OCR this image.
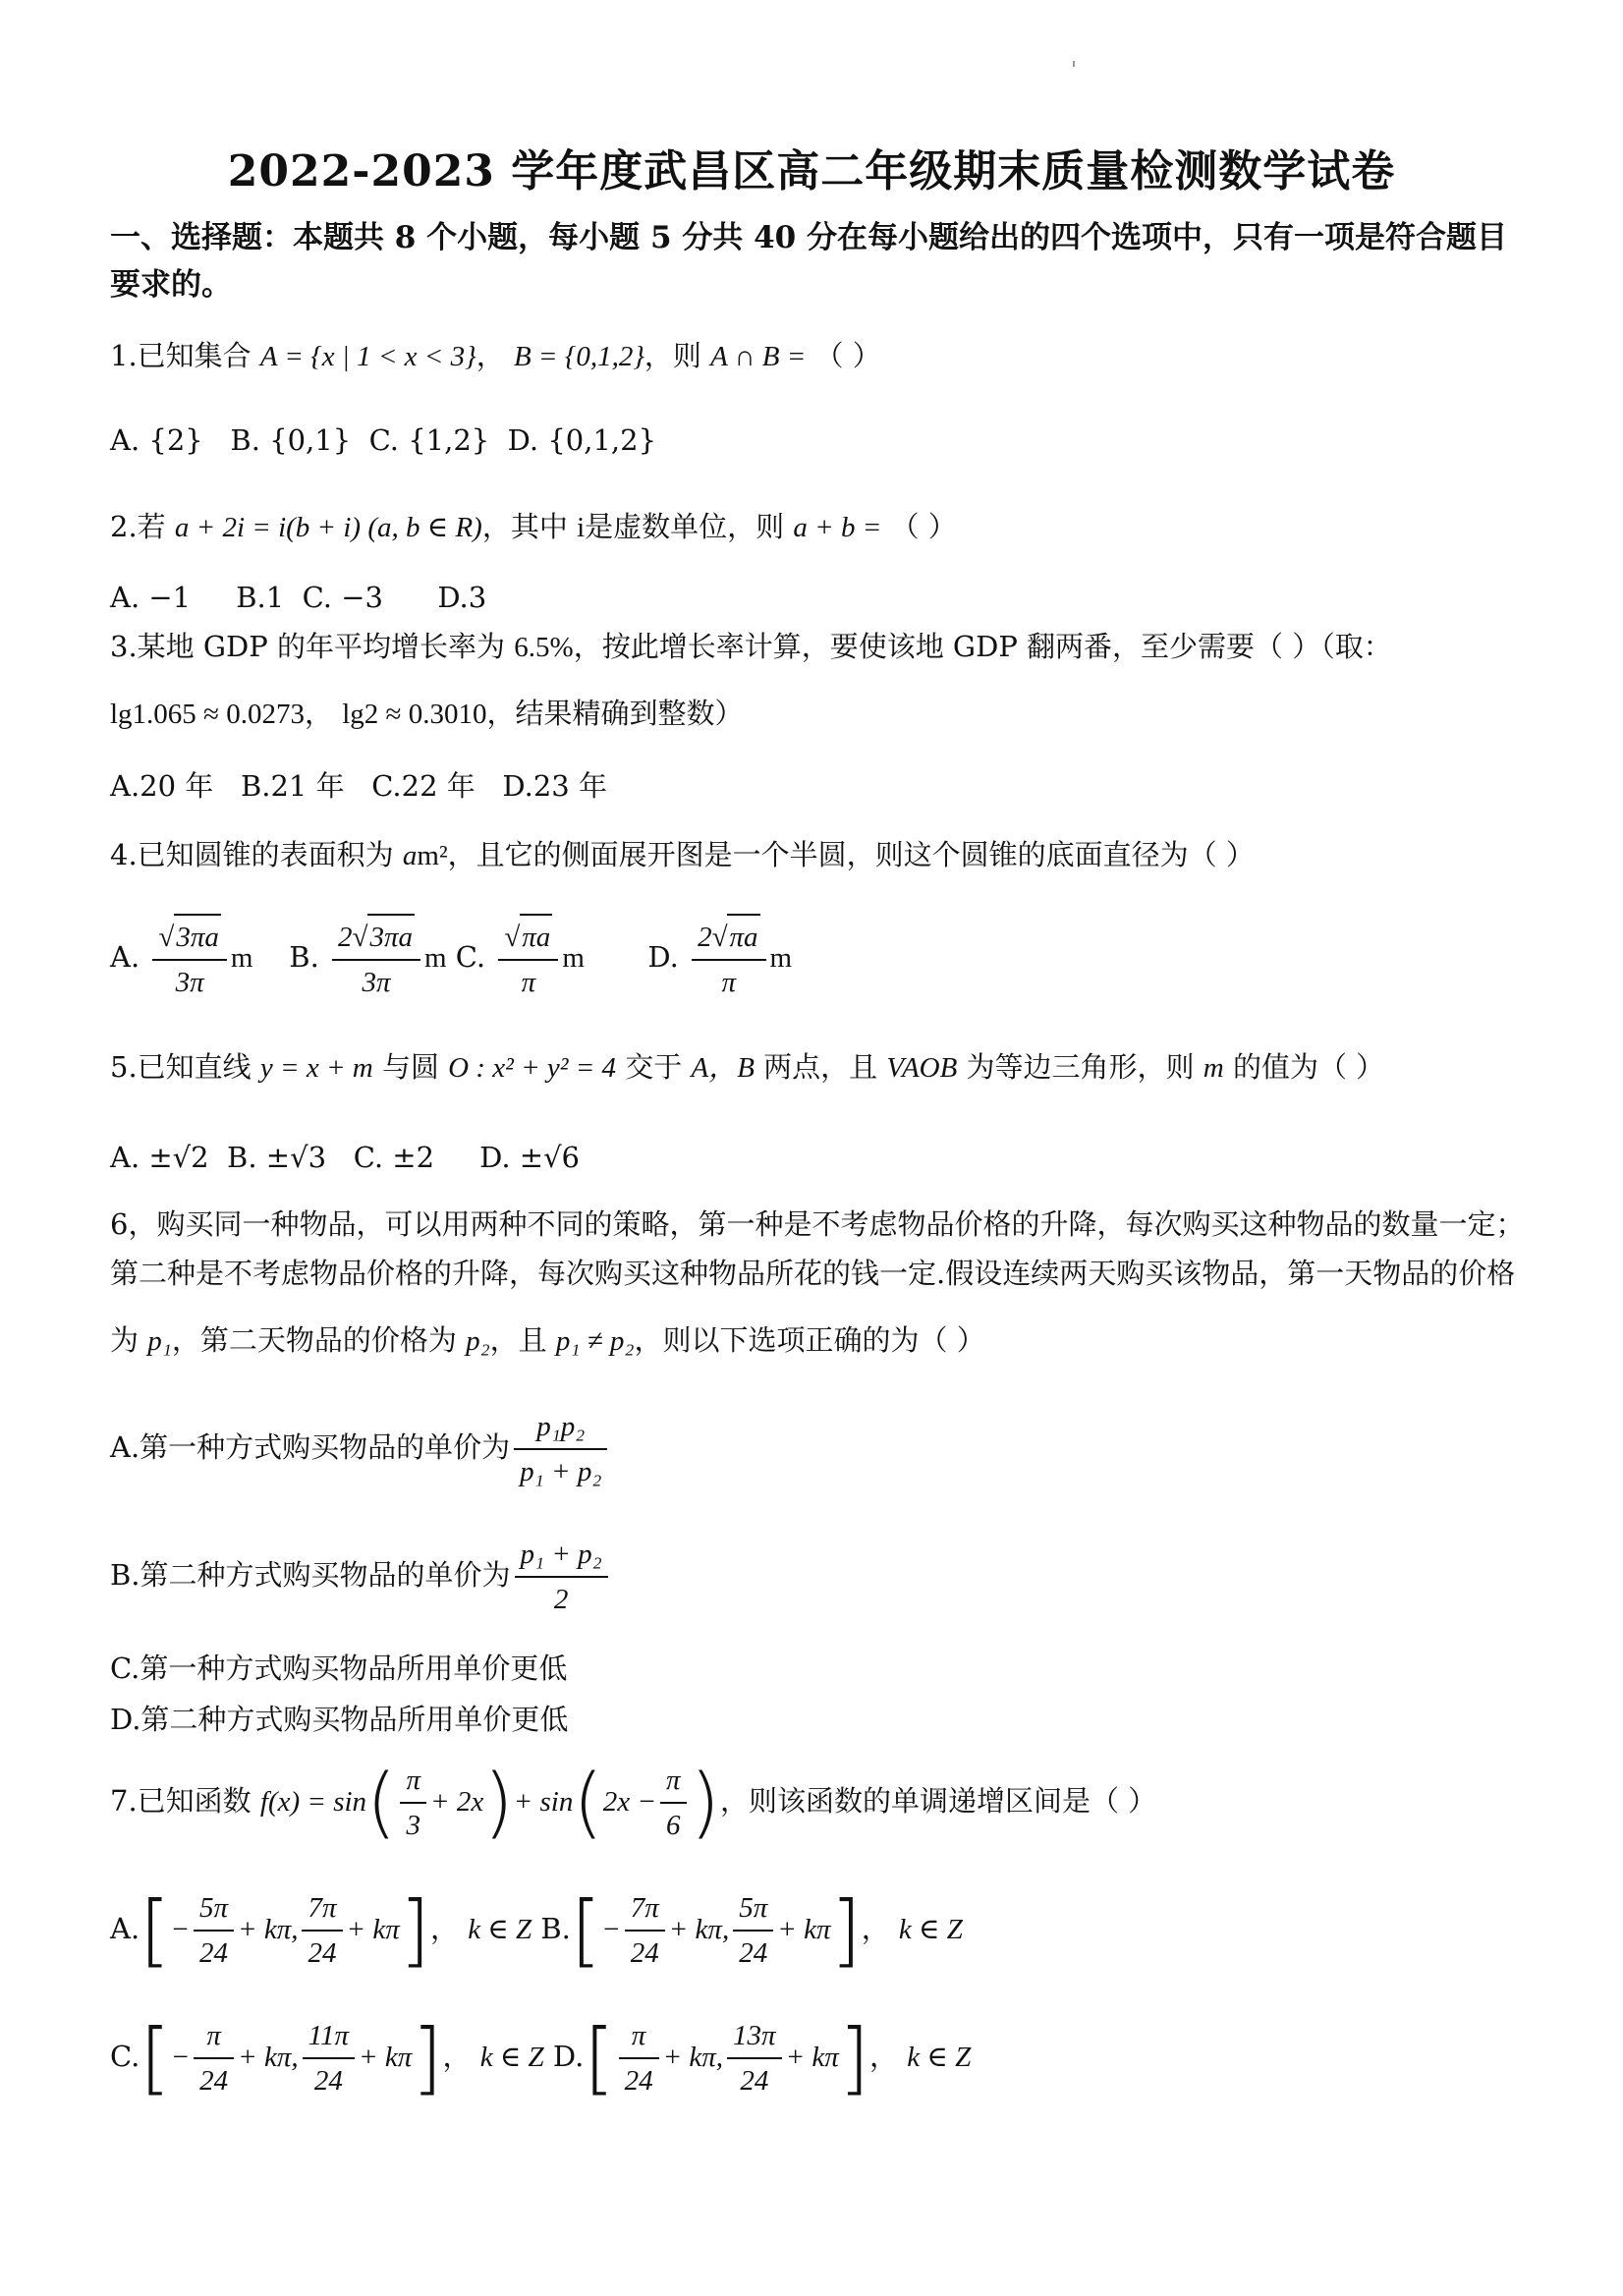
2022-2023 学年度武昌区高二年级期末质量检测数学试卷
一、选择题：本题共 8 个小题，每小题 5 分共 40 分在每小题给出的四个选项中，只有一项是符合题目要求的。
1.已知集合 A = {x | 1 < x < 3}， B = {0,1,2}，则 A ∩ B = （ ）
A. {2} B. {0,1} C. {1,2} D. {0,1,2}
2.若 a + 2i = i(b + i) (a, b ∈ R)，其中 i是虚数单位，则 a + b = （ ）
A. −1 B.1 C. −3 D.3
3.某地 GDP 的年平均增长率为 6.5%，按此增长率计算，要使该地 GDP 翻两番，至少需要（ ）（取：
lg1.065 ≈ 0.0273， lg2 ≈ 0.3010，结果精确到整数）
A.20 年 B.21 年 C.22 年 D.23 年
4.已知圆锥的表面积为 am²，且它的侧面展开图是一个半圆，则这个圆锥的底面直径为（ ）
A. $\frac{√3\pi a}{3\pi}$ m B. $\frac{2√3\pi a}{3\pi}$ m C. $\frac{√\pi a}{\pi}$ m D. $\frac{2√\pi a}{\pi}$ m
5.已知直线 y = x + m 与圆 O : x² + y² = 4 交于 A，B 两点，且 VAOB 为等边三角形，则 m 的值为（ ）
A. ±√2 B. ±√3 C. ±2 D. ±√6
6，购买同一种物品，可以用两种不同的策略，第一种是不考虑物品价格的升降，每次购买这种物品的数量一定；
第二种是不考虑物品价格的升降，每次购买这种物品所花的钱一定.假设连续两天购买该物品，第一天物品的价格
为 p₁，第二天物品的价格为 p₂，且 p₁ ≠ p₂，则以下选项正确的为（ ）
A.第一种方式购买物品的单价为 $\frac{\text{p₁p₂}}{\text{p₁ + p₂}}$
B.第二种方式购买物品的单价为 $\frac{\text{p₁ + p₂}}{2}$
C.第一种方式购买物品所用单价更低
D.第二种方式购买物品所用单价更低
7.已知函数 $f(x) = \sin( \frac{\pi}{3} + 2x)+ \sin(2x - \frac{\pi}{6}$ )，则该函数的单调递增区间是（ ）
$A.[- \frac{5\pi}{24} + k\pi$, $\frac{7\pi}{24} + k\pi$]， k ∈ Z $B.[- \frac{7\pi}{24} + k\pi$, $\frac{5\pi}{24} + k\pi$]， k ∈ Z
$C.[- \frac{\pi}{24} + k\pi$, $\frac{11\pi}{24} + k\pi$]， k ∈ Z $D.[ \frac{\pi}{24} + k\pi$, $\frac{13\pi}{24} + k\pi$]， k ∈ Z
